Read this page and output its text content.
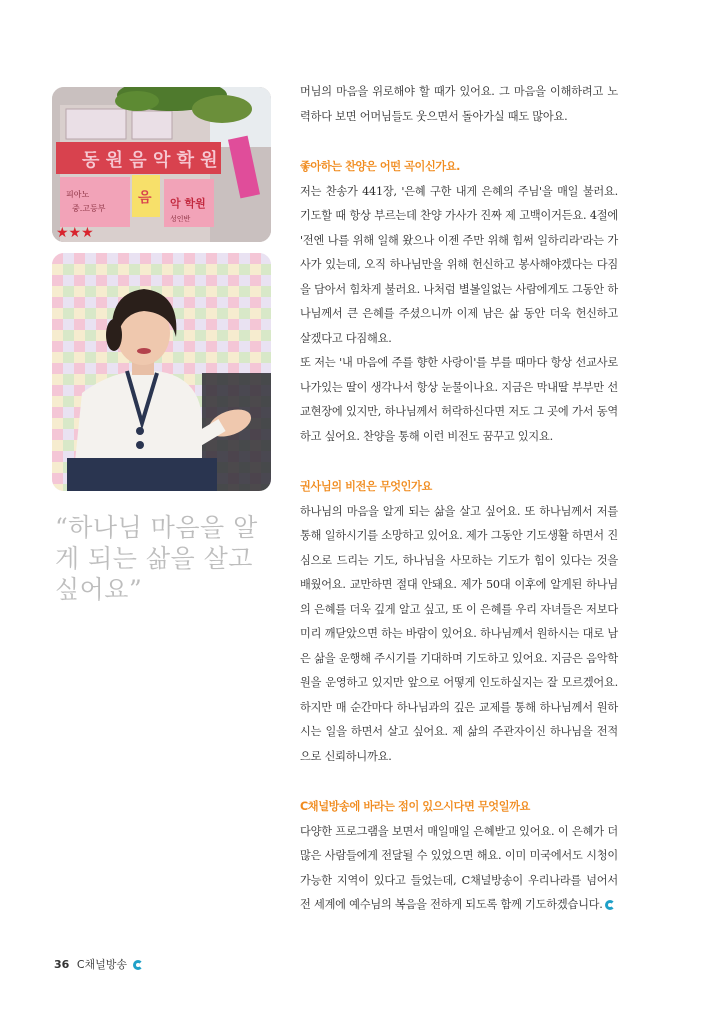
동 원 음 악 학 원
음 악 학원
피아노
중.고등부
성인반
★★★
“하나님 마음을 알게 되는 삶을 살고 싶어요”

머님의 마음을 위로해야 할 때가 있어요. 그 마음을 이해하려고 노력하다 보면 어머님들도 웃으면서 돌아가실 때도 많아요.

좋아하는 찬양은 어떤 곡이신가요.

저는 찬송가 441장, '은혜 구한 내게 은혜의 주님'을 매일 불러요. 기도할 때 항상 부르는데 찬양 가사가 진짜 제 고백이거든요. 4절에 '전엔 나를 위해 일해 왔으나 이젠 주만 위해 힘써 일하리라'라는 가사가 있는데, 오직 하나님만을 위해 헌신하고 봉사해야겠다는 다짐을 담아서 힘차게 불러요. 나처럼 별볼일없는 사람에게도 그동안 하나님께서 큰 은혜를 주셨으니까 이제 남은 삶 동안 더욱 헌신하고 살겠다고 다짐해요.

또 저는 '내 마음에 주를 향한 사랑이'를 부를 때마다 항상 선교사로 나가있는 딸이 생각나서 항상 눈물이나요. 지금은 막내딸 부부만 선교현장에 있지만, 하나님께서 허락하신다면 저도 그 곳에 가서 동역하고 싶어요. 찬양을 통해 이런 비전도 꿈꾸고 있지요.

권사님의 비전은 무엇인가요

하나님의 마음을 알게 되는 삶을 살고 싶어요. 또 하나님께서 저를 통해 일하시기를 소망하고 있어요. 제가 그동안 기도생활 하면서 진심으로 드리는 기도, 하나님을 사모하는 기도가 힘이 있다는 것을 배웠어요. 교만하면 절대 안돼요. 제가 50대 이후에 알게된 하나님의 은혜를 더욱 깊게 알고 싶고, 또 이 은혜를 우리 자녀들은 저보다 미리 깨닫았으면 하는 바람이 있어요. 하나님께서 원하시는 대로 남은 삶을 운행해 주시기를 기대하며 기도하고 있어요. 지금은 음악학원을 운영하고 있지만 앞으로 어떻게 인도하실지는 잘 모르겠어요. 하지만 매 순간마다 하나님과의 깊은 교제를 통해 하나님께서 원하시는 일을 하면서 살고 싶어요. 제 삶의 주관자이신 하나님을 전적으로 신뢰하니까요.

C채널방송에 바라는 점이 있으시다면 무엇일까요

다양한 프로그램을 보면서 매일매일 은혜받고 있어요. 이 은혜가 더 많은 사람들에게 전달될 수 있었으면 해요. 이미 미국에서도 시청이 가능한 지역이 있다고 들었는데, C채널방송이 우리나라를 넘어서 전 세계에 예수님의 복음을 전하게 되도록 함께 기도하겠습니다.

36 C채널방송
